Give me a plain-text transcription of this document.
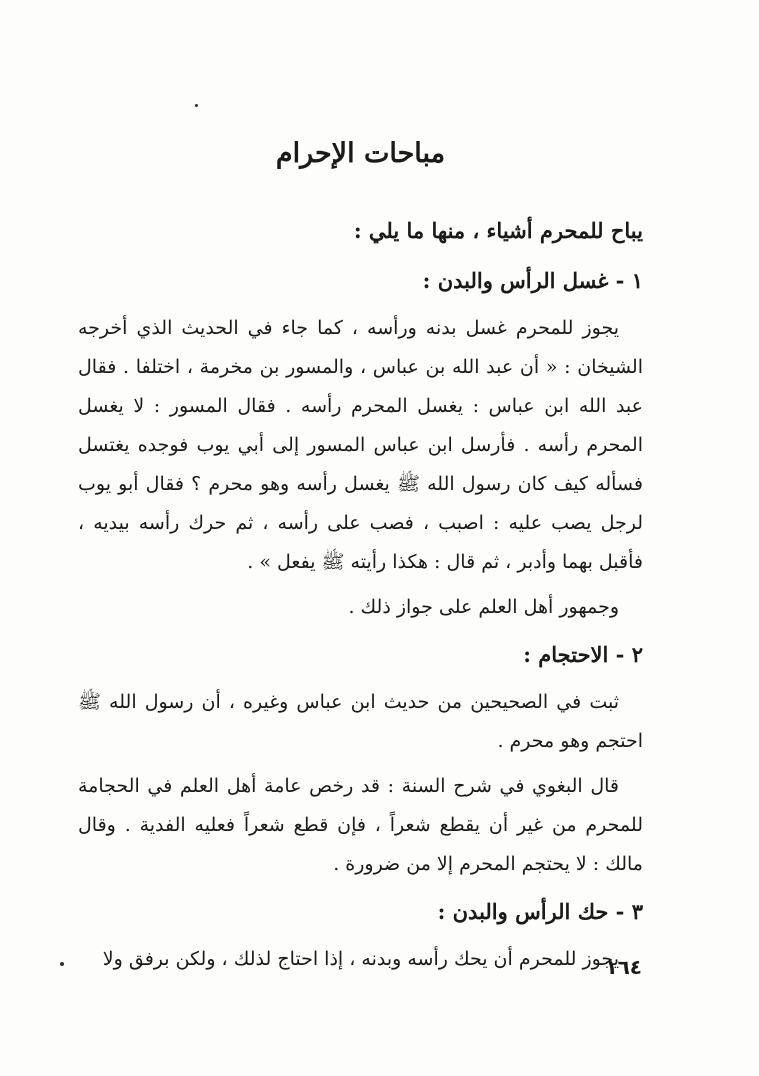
مباحات الإحرام

يباح للمحرم أشياء ، منها ما يلي :

١ - غسل الرأس والبدن :

يجوز للمحرم غسل بدنه ورأسه ، كما جاء في الحديث الذي أخرجه الشيخان : « أن عبد الله بن عباس ، والمسور بن مخرمة ، اختلفا . فقال عبد الله ابن عباس : يغسل المحرم رأسه . فقال المسور : لا يغسل المحرم رأسه . فأرسل ابن عباس المسور إلى أبي يوب فوجده يغتسل فسأله كيف كان رسول الله ﷺ يغسل رأسه وهو محرم ؟ فقال أبو يوب لرجل يصب عليه : اصبب ، فصب على رأسه ، ثم حرك رأسه بيديه ، فأقبل بهما وأدبر ، ثم قال : هكذا رأيته ﷺ يفعل » .

وجمهور أهل العلم على جواز ذلك .

٢ - الاحتجام :

ثبت في الصحيحين من حديث ابن عباس وغيره ، أن رسول الله ﷺ احتجم وهو محرم .

قال البغوي في شرح السنة : قد رخص عامة أهل العلم في الحجامة للمحرم من غير أن يقطع شعراً ، فإن قطع شعراً فعليه الفدية . وقال مالك : لا يحتجم المحرم إلا من ضرورة .

٣ - حك الرأس والبدن :

يجوز للمحرم أن يحك رأسه وبدنه ، إذا احتاج لذلك ، ولكن برفق ولا

١٦٤
